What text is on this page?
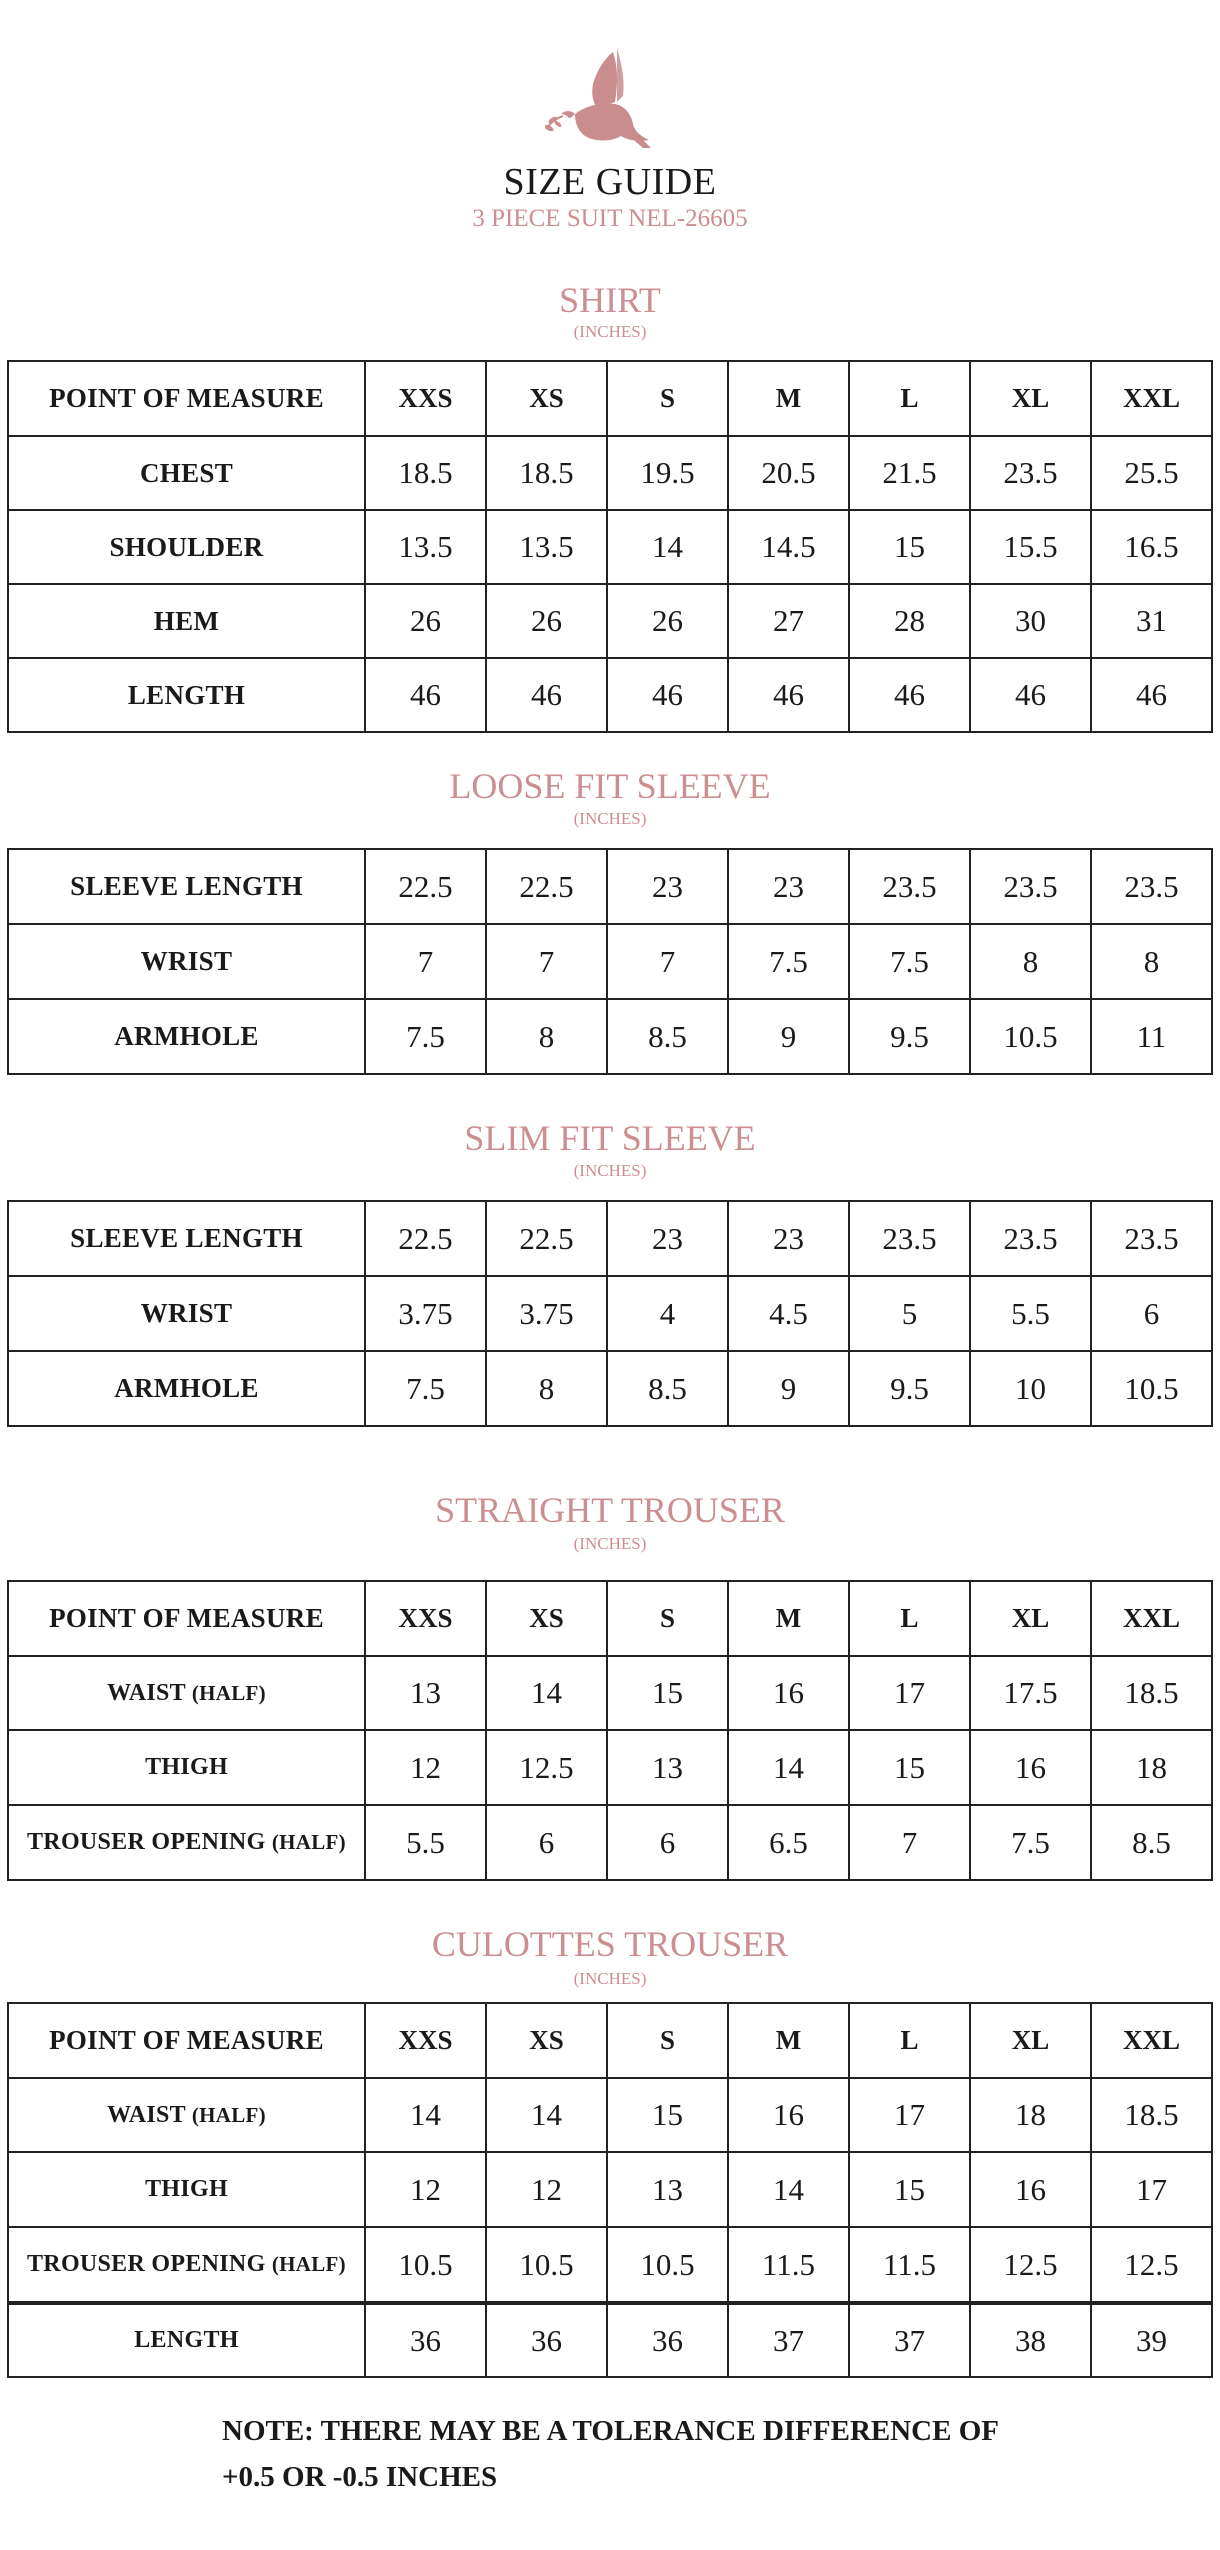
SIZE GUIDE
3 PIECE SUIT NEL-26605
SHIRT
(INCHES)
POINT OF MEASURE	XXS	XS	S	M	L	XL	XXL
CHEST	18.5	18.5	19.5	20.5	21.5	23.5	25.5
SHOULDER	13.5	13.5	14	14.5	15	15.5	16.5
HEM	26	26	26	27	28	30	31
LENGTH	46	46	46	46	46	46	46
LOOSE FIT SLEEVE
(INCHES)
SLEEVE LENGTH	22.5	22.5	23	23	23.5	23.5	23.5
WRIST	7	7	7	7.5	7.5	8	8
ARMHOLE	7.5	8	8.5	9	9.5	10.5	11
SLIM FIT SLEEVE
(INCHES)
SLEEVE LENGTH	22.5	22.5	23	23	23.5	23.5	23.5
WRIST	3.75	3.75	4	4.5	5	5.5	6
ARMHOLE	7.5	8	8.5	9	9.5	10	10.5
STRAIGHT TROUSER
(INCHES)
POINT OF MEASURE	XXS	XS	S	M	L	XL	XXL
WAIST (HALF)	13	14	15	16	17	17.5	18.5
THIGH	12	12.5	13	14	15	16	18
TROUSER OPENING (HALF)	5.5	6	6	6.5	7	7.5	8.5
CULOTTES TROUSER
(INCHES)
POINT OF MEASURE	XXS	XS	S	M	L	XL	XXL
WAIST (HALF)	14	14	15	16	17	18	18.5
THIGH	12	12	13	14	15	16	17
TROUSER OPENING (HALF)	10.5	10.5	10.5	11.5	11.5	12.5	12.5
LENGTH	36	36	36	37	37	38	39
NOTE: THERE MAY BE A TOLERANCE DIFFERENCE OF
+0.5 OR -0.5 INCHES
